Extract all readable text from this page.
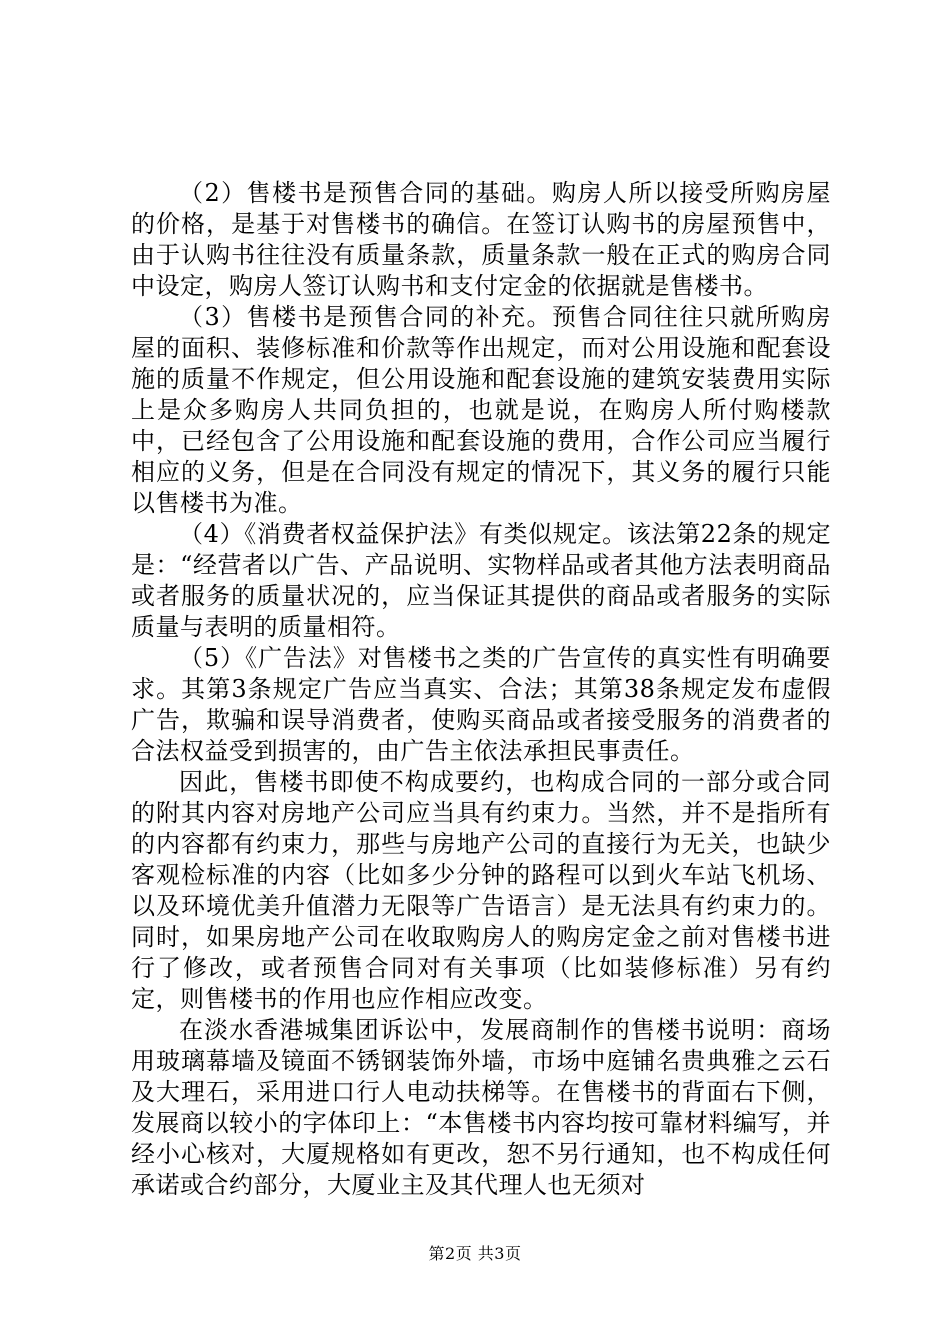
（2）售楼书是预售合同的基础。购房人所以接受所购房屋的价格，是基于对售楼书的确信。在签订认购书的房屋预售中，由于认购书往往没有质量条款，质量条款一般在正式的购房合同中设定，购房人签订认购书和支付定金的依据就是售楼书。

（3）售楼书是预售合同的补充。预售合同往往只就所购房屋的面积、装修标准和价款等作出规定，而对公用设施和配套设施的质量不作规定，但公用设施和配套设施的建筑安装费用实际上是众多购房人共同负担的，也就是说，在购房人所付购楼款中，已经包含了公用设施和配套设施的费用，合作公司应当履行相应的义务，但是在合同没有规定的情况下，其义务的履行只能以售楼书为准。

（4）《消费者权益保护法》有类似规定。该法第22条的规定是：“经营者以广告、产品说明、实物样品或者其他方法表明商品或者服务的质量状况的，应当保证其提供的商品或者服务的实际质量与表明的质量相符。

（5）《广告法》对售楼书之类的广告宣传的真实性有明确要求。其第3条规定广告应当真实、合法；其第38条规定发布虚假广告，欺骗和误导消费者，使购买商品或者接受服务的消费者的合法权益受到损害的，由广告主依法承担民事责任。

因此，售楼书即使不构成要约，也构成合同的一部分或合同的附其内容对房地产公司应当具有约束力。当然，并不是指所有的内容都有约束力，那些与房地产公司的直接行为无关，也缺少客观检标准的内容（比如多少分钟的路程可以到火车站飞机场、以及环境优美升值潜力无限等广告语言）是无法具有约束力的。同时，如果房地产公司在收取购房人的购房定金之前对售楼书进行了修改，或者预售合同对有关事项（比如装修标准）另有约定，则售楼书的作用也应作相应改变。

在淡水香港城集团诉讼中，发展商制作的售楼书说明：商场用玻璃幕墙及镜面不锈钢装饰外墙，市场中庭铺名贵典雅之云石及大理石，采用进口行人电动扶梯等。在售楼书的背面右下侧，发展商以较小的字体印上：“本售楼书内容均按可靠材料编写，并经小心核对，大厦规格如有更改，恕不另行通知，也不构成任何承诺或合约部分，大厦业主及其代理人也无须对

第2页 共3页
